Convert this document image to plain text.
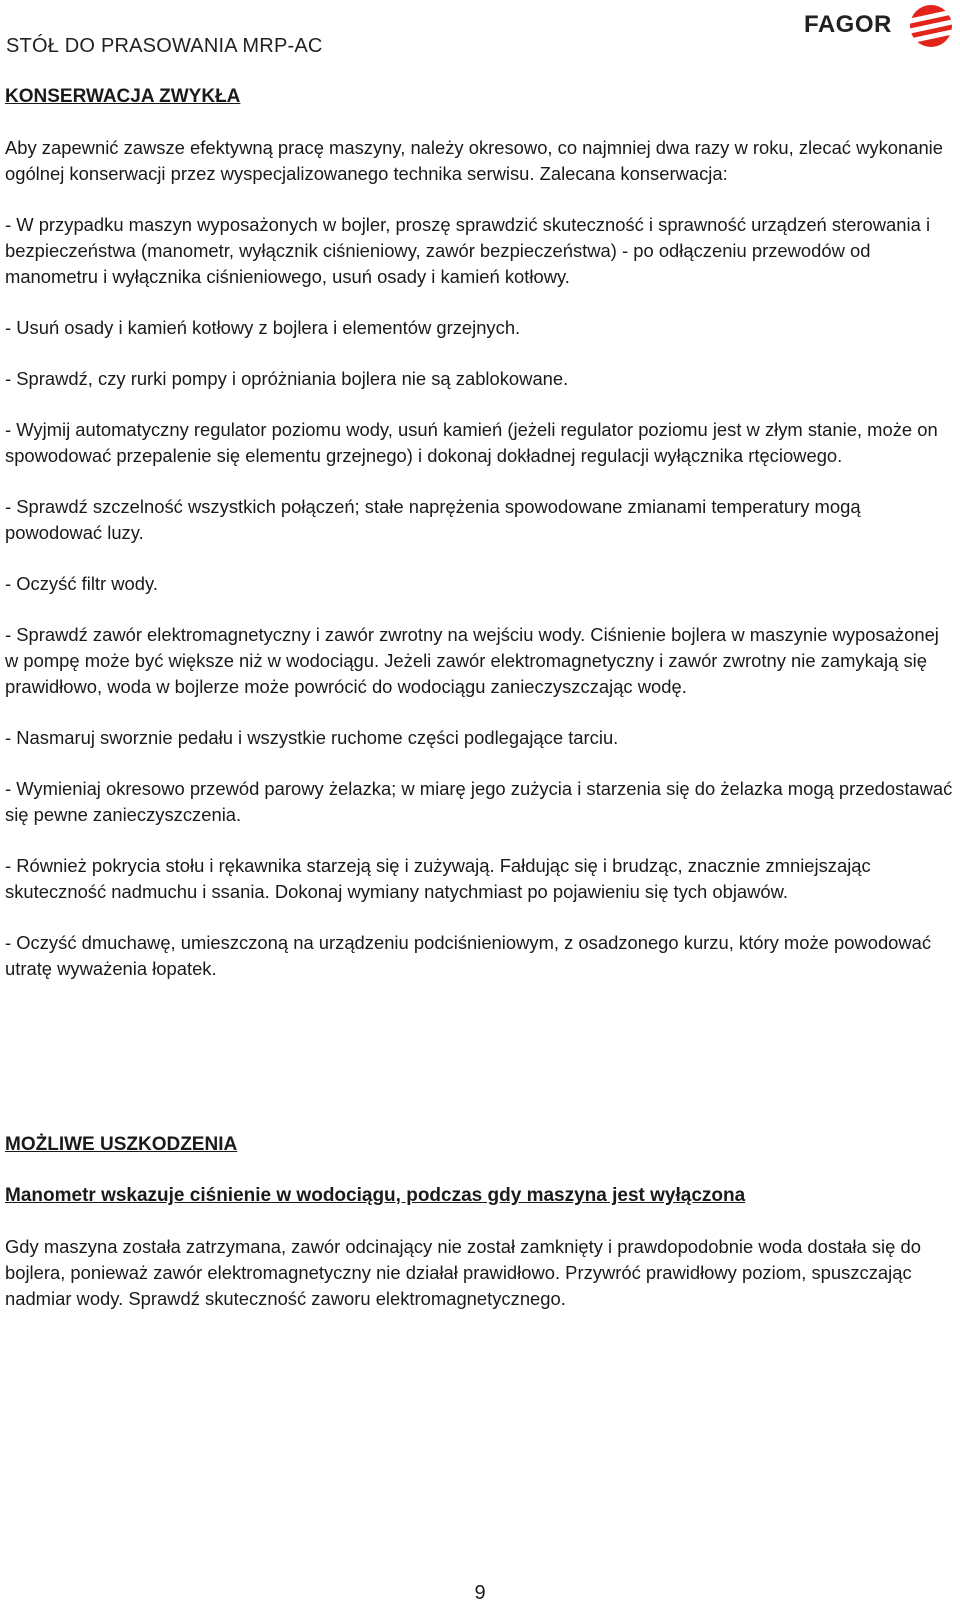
STÓŁ DO PRASOWANIA MRP-AC
FAGOR
KONSERWACJA ZWYKŁA

Aby zapewnić zawsze efektywną pracę maszyny, należy okresowo, co najmniej dwa razy w roku, zlecać wykonanie ogólnej konserwacji przez wyspecjalizowanego technika serwisu. Zalecana konserwacja:

- W przypadku maszyn wyposażonych w bojler, proszę sprawdzić skuteczność i sprawność urządzeń sterowania i bezpieczeństwa (manometr, wyłącznik ciśnieniowy, zawór bezpieczeństwa) - po odłączeniu przewodów od manometru i wyłącznika ciśnieniowego, usuń osady i kamień kotłowy.

- Usuń osady i kamień kotłowy z bojlera i elementów grzejnych.

- Sprawdź, czy rurki pompy i opróżniania bojlera nie są zablokowane.

- Wyjmij automatyczny regulator poziomu wody, usuń kamień (jeżeli regulator poziomu jest w złym stanie, może on spowodować przepalenie się elementu grzejnego) i dokonaj dokładnej regulacji wyłącznika rtęciowego.

- Sprawdź szczelność wszystkich połączeń; stałe naprężenia spowodowane zmianami temperatury mogą powodować luzy.

- Oczyść filtr wody.

- Sprawdź zawór elektromagnetyczny i zawór zwrotny na wejściu wody. Ciśnienie bojlera w maszynie wyposażonej w pompę może być większe niż w wodociągu. Jeżeli zawór elektromagnetyczny i zawór zwrotny nie zamykają się prawidłowo, woda w bojlerze może powrócić do wodociągu zanieczyszczając wodę.

- Nasmaruj sworznie pedału i wszystkie ruchome części podlegające tarciu.

- Wymieniaj okresowo przewód parowy żelazka; w miarę jego zużycia i starzenia się do żelazka mogą przedostawać się pewne zanieczyszczenia.

- Również pokrycia stołu i rękawnika starzeją się i zużywają. Fałdując się i brudząc, znacznie zmniejszając skuteczność nadmuchu i ssania. Dokonaj wymiany natychmiast po pojawieniu się tych objawów.

- Oczyść dmuchawę, umieszczoną na urządzeniu podciśnieniowym, z osadzonego kurzu, który może powodować utratę wyważenia łopatek.

MOŻLIWE USZKODZENIA
Manometr wskazuje ciśnienie w wodociągu, podczas gdy maszyna jest wyłączona

Gdy maszyna została zatrzymana, zawór odcinający nie został zamknięty i prawdopodobnie woda dostała się do bojlera, ponieważ zawór elektromagnetyczny nie działał prawidłowo. Przywróć prawidłowy poziom, spuszczając nadmiar wody. Sprawdź skuteczność zaworu elektromagnetycznego.

9
